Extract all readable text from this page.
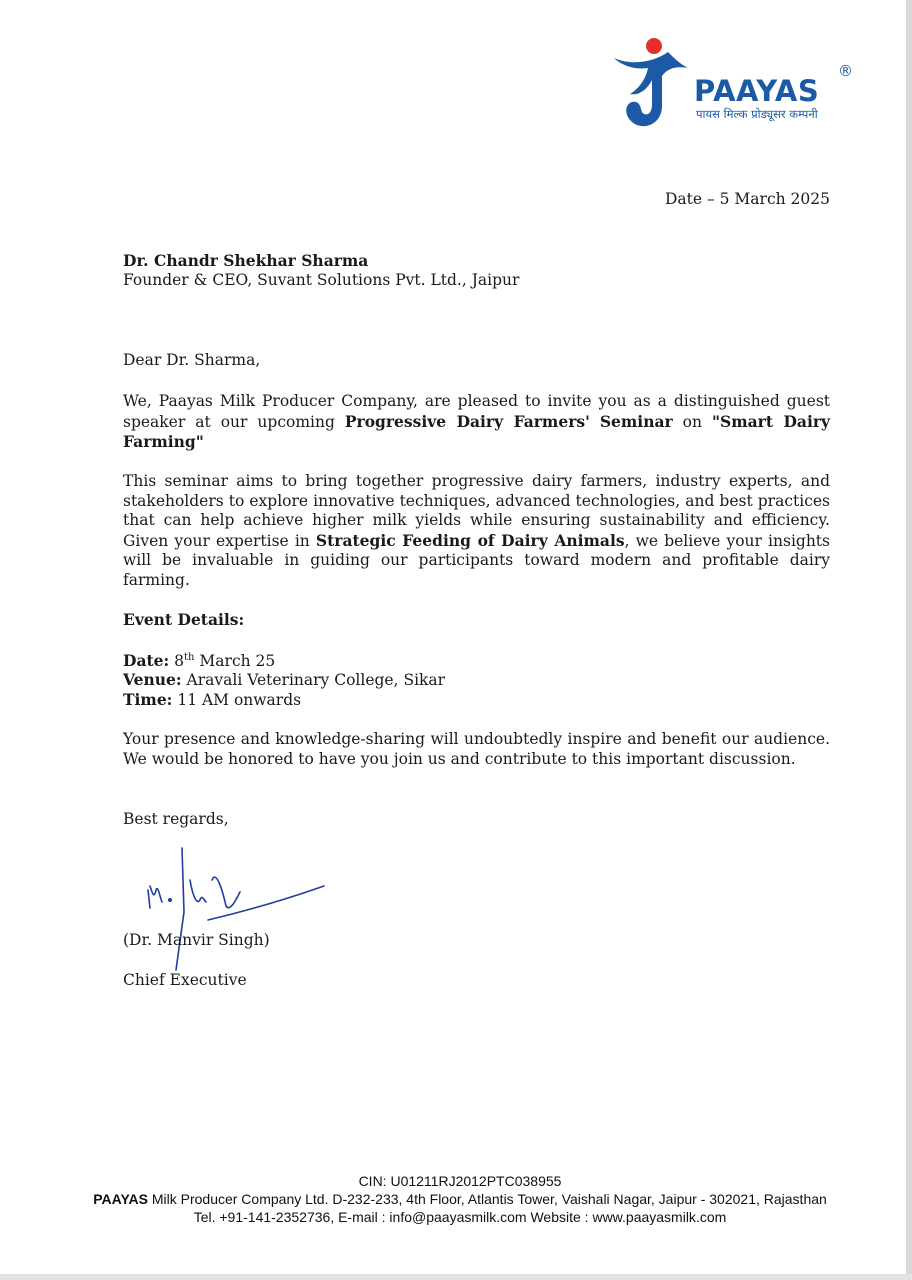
PAAYAS
®
पायस मिल्क प्रोड्यूसर कम्पनी
Date – 5 March 2025
Dr. Chandr Shekhar Sharma
Founder & CEO, Suvant Solutions Pvt. Ltd., Jaipur
Dear Dr. Sharma,
We, Paayas Milk Producer Company, are pleased to invite you as a distinguished guest speaker at our upcoming Progressive Dairy Farmers' Seminar on "Smart Dairy Farming"
This seminar aims to bring together progressive dairy farmers, industry experts, and stakeholders to explore innovative techniques, advanced technologies, and best practices that can help achieve higher milk yields while ensuring sustainability and efficiency. Given your expertise in Strategic Feeding of Dairy Animals, we believe your insights will be invaluable in guiding our participants toward modern and profitable dairy farming.
Event Details:
Date: 8th March 25
Venue: Aravali Veterinary College, Sikar
Time: 11 AM onwards
Your presence and knowledge-sharing will undoubtedly inspire and benefit our audience. We would be honored to have you join us and contribute to this important discussion.
Best regards,
(Dr. Manvir Singh)
Chief Executive
CIN: U01211RJ2012PTC038955
PAAYAS Milk Producer Company Ltd. D-232-233, 4th Floor, Atlantis Tower, Vaishali Nagar, Jaipur - 302021, Rajasthan
Tel. +91-141-2352736, E-mail : info@paayasmilk.com Website : www.paayasmilk.com
